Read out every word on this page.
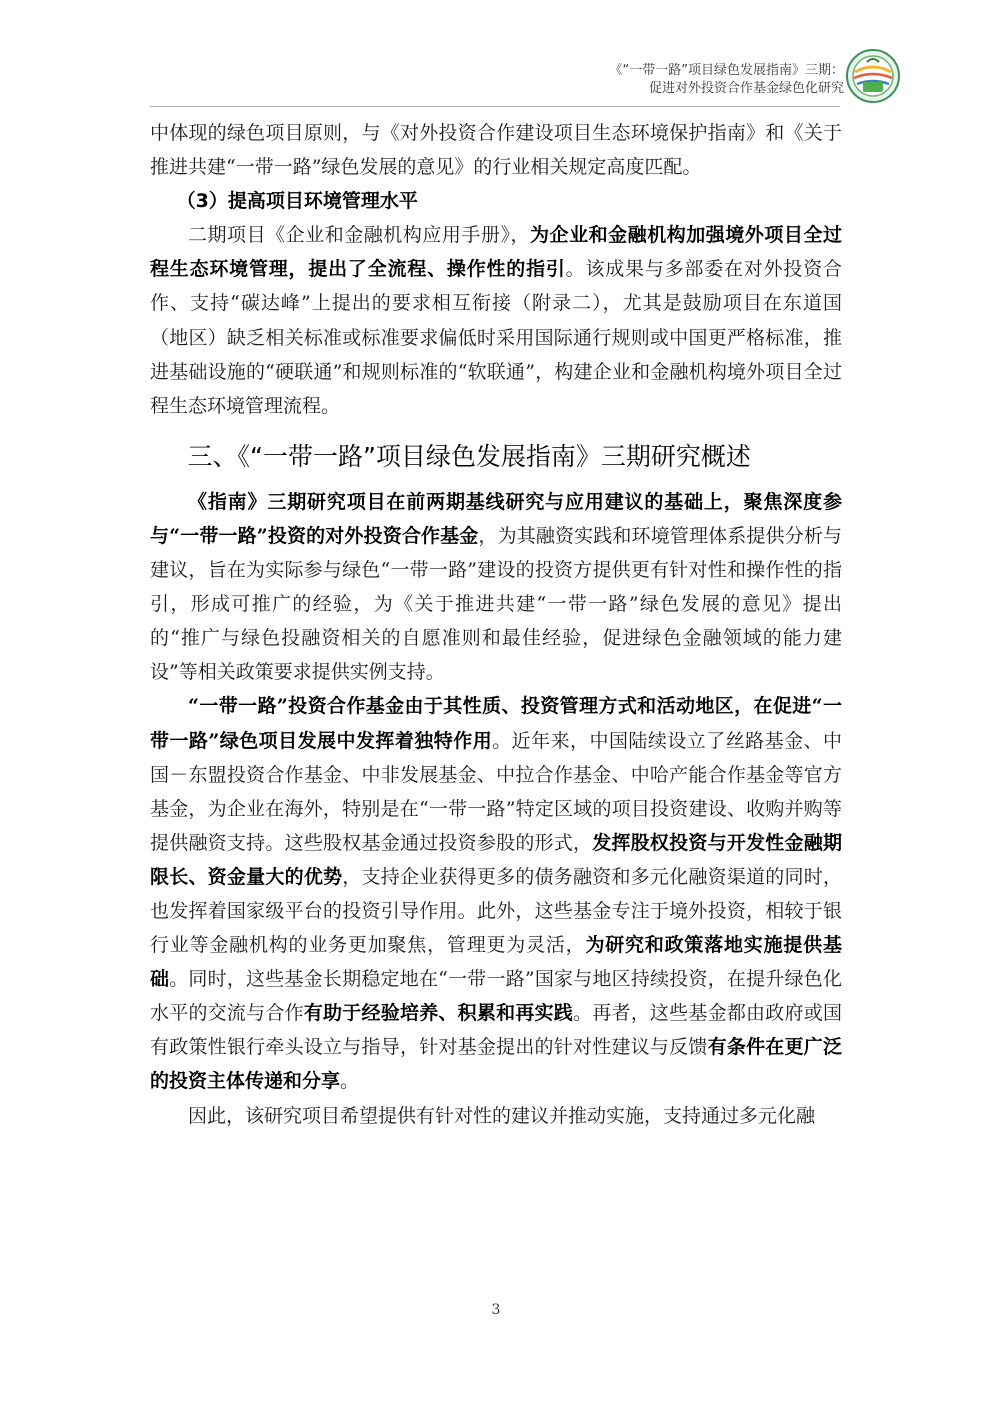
《“一带一路”项目绿色发展指南》三期：
促进对外投资合作基金绿色化研究

中体现的绿色项目原则，与《对外投资合作建设项目生态环境保护指南》和《关于推进共建“一带一路”绿色发展的意见》的行业相关规定高度匹配。

（3）提高项目环境管理水平

二期项目《企业和金融机构应用手册》，为企业和金融机构加强境外项目全过程生态环境管理，提出了全流程、操作性的指引。该成果与多部委在对外投资合作、支持“碳达峰”上提出的要求相互衔接（附录二），尤其是鼓励项目在东道国（地区）缺乏相关标准或标准要求偏低时采用国际通行规则或中国更严格标准，推进基础设施的“硬联通”和规则标准的“软联通”，构建企业和金融机构境外项目全过程生态环境管理流程。

三、《“一带一路”项目绿色发展指南》三期研究概述

《指南》三期研究项目在前两期基线研究与应用建议的基础上，聚焦深度参与“一带一路”投资的对外投资合作基金，为其融资实践和环境管理体系提供分析与建议，旨在为实际参与绿色“一带一路”建设的投资方提供更有针对性和操作性的指引，形成可推广的经验，为《关于推进共建“一带一路”绿色发展的意见》提出的“推广与绿色投融资相关的自愿准则和最佳经验，促进绿色金融领域的能力建设”等相关政策要求提供实例支持。

“一带一路”投资合作基金由于其性质、投资管理方式和活动地区，在促进“一带一路”绿色项目发展中发挥着独特作用。近年来，中国陆续设立了丝路基金、中国－东盟投资合作基金、中非发展基金、中拉合作基金、中哈产能合作基金等官方基金，为企业在海外，特别是在“一带一路”特定区域的项目投资建设、收购并购等提供融资支持。这些股权基金通过投资参股的形式，发挥股权投资与开发性金融期限长、资金量大的优势，支持企业获得更多的债务融资和多元化融资渠道的同时，也发挥着国家级平台的投资引导作用。此外，这些基金专注于境外投资，相较于银行业等金融机构的业务更加聚焦，管理更为灵活，为研究和政策落地实施提供基础。同时，这些基金长期稳定地在“一带一路”国家与地区持续投资，在提升绿色化水平的交流与合作有助于经验培养、积累和再实践。再者，这些基金都由政府或国有政策性银行牵头设立与指导，针对基金提出的针对性建议与反馈有条件在更广泛的投资主体传递和分享。

因此，该研究项目希望提供有针对性的建议并推动实施，支持通过多元化融

3
